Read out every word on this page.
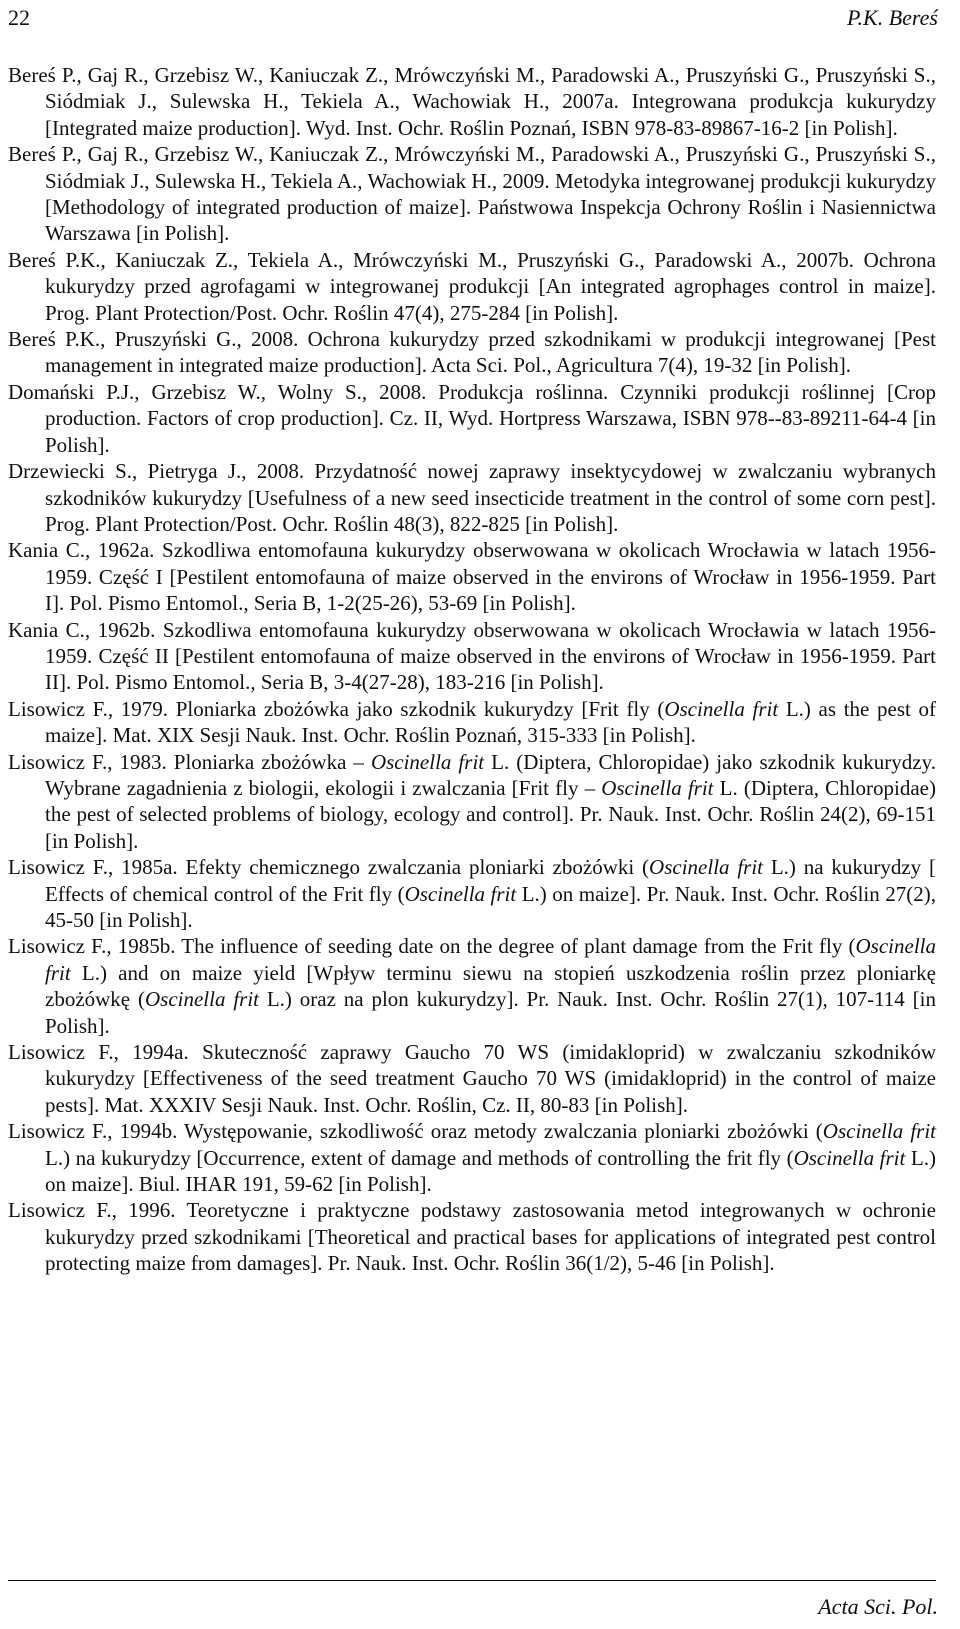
22	P.K. Bereś

Bereś P., Gaj R., Grzebisz W., Kaniuczak Z., Mrówczyński M., Paradowski A., Pruszyński G., Pruszyński S., Siódmiak J., Sulewska H., Tekiela A., Wachowiak H., 2007a. Integrowana produkcja kukurydzy [Integrated maize production]. Wyd. Inst. Ochr. Roślin Poznań, ISBN 978-83-89867-16-2 [in Polish].

Bereś P., Gaj R., Grzebisz W., Kaniuczak Z., Mrówczyński M., Paradowski A., Pruszyński G., Pruszyński S., Siódmiak J., Sulewska H., Tekiela A., Wachowiak H., 2009. Metodyka integrowanej produkcji kukurydzy [Methodology of integrated production of maize]. Państwowa Inspekcja Ochrony Roślin i Nasiennictwa Warszawa [in Polish].

Bereś P.K., Kaniuczak Z., Tekiela A., Mrówczyński M., Pruszyński G., Paradowski A., 2007b. Ochrona kukurydzy przed agrofagami w integrowanej produkcji [An integrated agrophages control in maize]. Prog. Plant Protection/Post. Ochr. Roślin 47(4), 275-284 [in Polish].

Bereś P.K., Pruszyński G., 2008. Ochrona kukurydzy przed szkodnikami w produkcji integrowanej [Pest management in integrated maize production]. Acta Sci. Pol., Agricultura 7(4), 19-32 [in Polish].

Domański P.J., Grzebisz W., Wolny S., 2008. Produkcja roślinna. Czynniki produkcji roślinnej [Crop production. Factors of crop production]. Cz. II, Wyd. Hortpress Warszawa, ISBN 978--83-89211-64-4 [in Polish].

Drzewiecki S., Pietryga J., 2008. Przydatność nowej zaprawy insektycydowej w zwalczaniu wybranych szkodników kukurydzy [Usefulness of a new seed insecticide treatment in the control of some corn pest]. Prog. Plant Protection/Post. Ochr. Roślin 48(3), 822-825 [in Polish].

Kania C., 1962a. Szkodliwa entomofauna kukurydzy obserwowana w okolicach Wrocławia w latach 1956-1959. Część I [Pestilent entomofauna of maize observed in the environs of Wrocław in 1956-1959. Part I]. Pol. Pismo Entomol., Seria B, 1-2(25-26), 53-69 [in Polish].

Kania C., 1962b. Szkodliwa entomofauna kukurydzy obserwowana w okolicach Wrocławia w latach 1956-1959. Część II [Pestilent entomofauna of maize observed in the environs of Wrocław in 1956-1959. Part II]. Pol. Pismo Entomol., Seria B, 3-4(27-28), 183-216 [in Polish].

Lisowicz F., 1979. Ploniarka zbożówka jako szkodnik kukurydzy [Frit fly (Oscinella frit L.) as the pest of maize]. Mat. XIX Sesji Nauk. Inst. Ochr. Roślin Poznań, 315-333 [in Polish].

Lisowicz F., 1983. Ploniarka zbożówka – Oscinella frit L. (Diptera, Chloropidae) jako szkodnik kukurydzy. Wybrane zagadnienia z biologii, ekologii i zwalczania [Frit fly – Oscinella frit L. (Diptera, Chloropidae) the pest of selected problems of biology, ecology and control]. Pr. Nauk. Inst. Ochr. Roślin 24(2), 69-151 [in Polish].

Lisowicz F., 1985a. Efekty chemicznego zwalczania ploniarki zbożówki (Oscinella frit L.) na kukurydzy [ Effects of chemical control of the Frit fly (Oscinella frit L.) on maize]. Pr. Nauk. Inst. Ochr. Roślin 27(2), 45-50 [in Polish].

Lisowicz F., 1985b. The influence of seeding date on the degree of plant damage from the Frit fly (Oscinella frit L.) and on maize yield [Wpływ terminu siewu na stopień uszkodzenia roślin przez ploniarkę zbożówkę (Oscinella frit L.) oraz na plon kukurydzy]. Pr. Nauk. Inst. Ochr. Roślin 27(1), 107-114 [in Polish].

Lisowicz F., 1994a. Skuteczność zaprawy Gaucho 70 WS (imidakloprid) w zwalczaniu szkodników kukurydzy [Effectiveness of the seed treatment Gaucho 70 WS (imidakloprid) in the control of maize pests]. Mat. XXXIV Sesji Nauk. Inst. Ochr. Roślin, Cz. II, 80-83 [in Polish].

Lisowicz F., 1994b. Występowanie, szkodliwość oraz metody zwalczania ploniarki zbożówki (Oscinella frit L.) na kukurydzy [Occurrence, extent of damage and methods of controlling the frit fly (Oscinella frit L.) on maize]. Biul. IHAR 191, 59-62 [in Polish].

Lisowicz F., 1996. Teoretyczne i praktyczne podstawy zastosowania metod integrowanych w ochronie kukurydzy przed szkodnikami [Theoretical and practical bases for applications of integrated pest control protecting maize from damages]. Pr. Nauk. Inst. Ochr. Roślin 36(1/2), 5-46 [in Polish].

Acta Sci. Pol.
